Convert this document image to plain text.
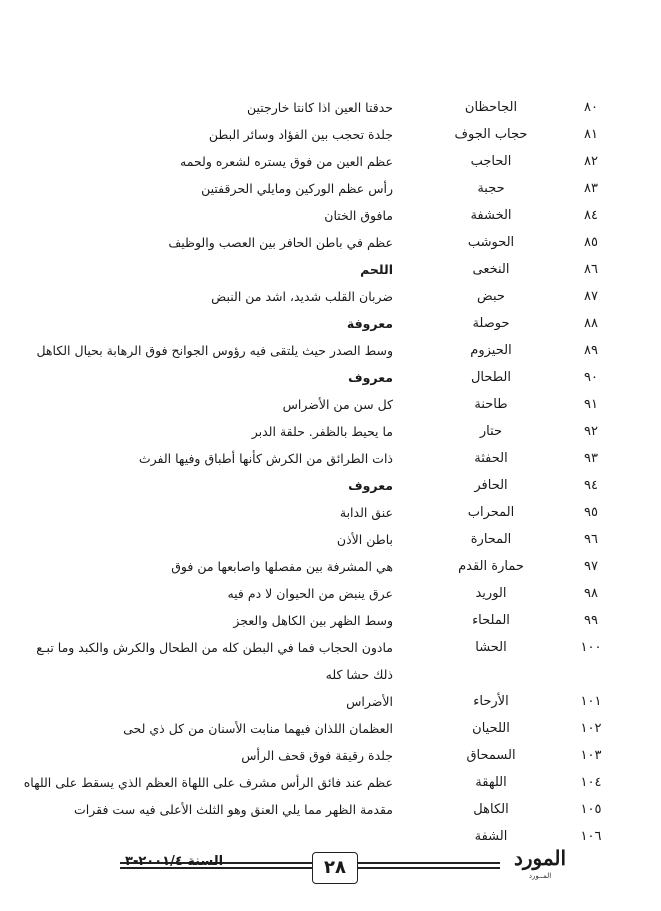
٨٠
الجاحظان
حدقتا العين اذا كانتا خارجتين
٨١
حجاب الجوف
جلدة تحجب بين الفؤاد وسائر البطن
٨٢
الحاجب
عظم العين من فوق يستره لشعره ولحمه
٨٣
حجبة
رأس عظم الوركين ومايلي الحرقفتين
٨٤
الخشفة
مافوق الختان
٨٥
الحوشب
عظم في باطن الحافر بين العصب والوظيف
٨٦
النخعى
اللحم
٨٧
حبض
ضربان القلب شديد، اشد من النبض
٨٨
حوصلة
معروفة
٨٩
الحيزوم
وسط الصدر حيث يلتقى فيه رؤوس الجوانح فوق الرهابة بحيال الكاهل
٩٠
الطحال
معروف
٩١
طاحنة
كل سن من الأضراس
٩٢
حتار
ما يحيط بالظفر. حلقة الدبر
٩٣
الحفثة
ذات الطرائق من الكرش كأنها أطباق وفيها الفرث
٩٤
الحافر
معروف
٩٥
المحراب
عنق الدابة
٩٦
المحارة
باطن الأذن
٩٧
حمارة القدم
هي المشرفة بين مفصلها واصابعها من فوق
٩٨
الوريد
عرق ينبض من الحيوان لا دم فيه
٩٩
الملحاء
وسط الظهر بين الكاهل والعجز
١٠٠
الحشا
مادون الحجاب فما في البطن كله من الطحال والكرش والكبد وما تبـع
ذلك حشا كله
١٠١
الأرحاء
الأضراس
١٠٢
اللحيان
العظمان اللذان فيهما منابت الأسنان من كل ذي لحى
١٠٣
السمحاق
جلدة رقيقة فوق قحف الرأس
١٠٤
اللهقة
عظم عند فائق الرأس مشرف على اللهاة العظم الذي يسقط على اللهاه
١٠٥
الكاهل
مقدمة الظهر مما يلي العنق وهو الثلث الأعلى فيه ست فقرات
١٠٦
الشفة
السنة ٢٠٠١/٤-٣	٢٨	المورد
المــورد
